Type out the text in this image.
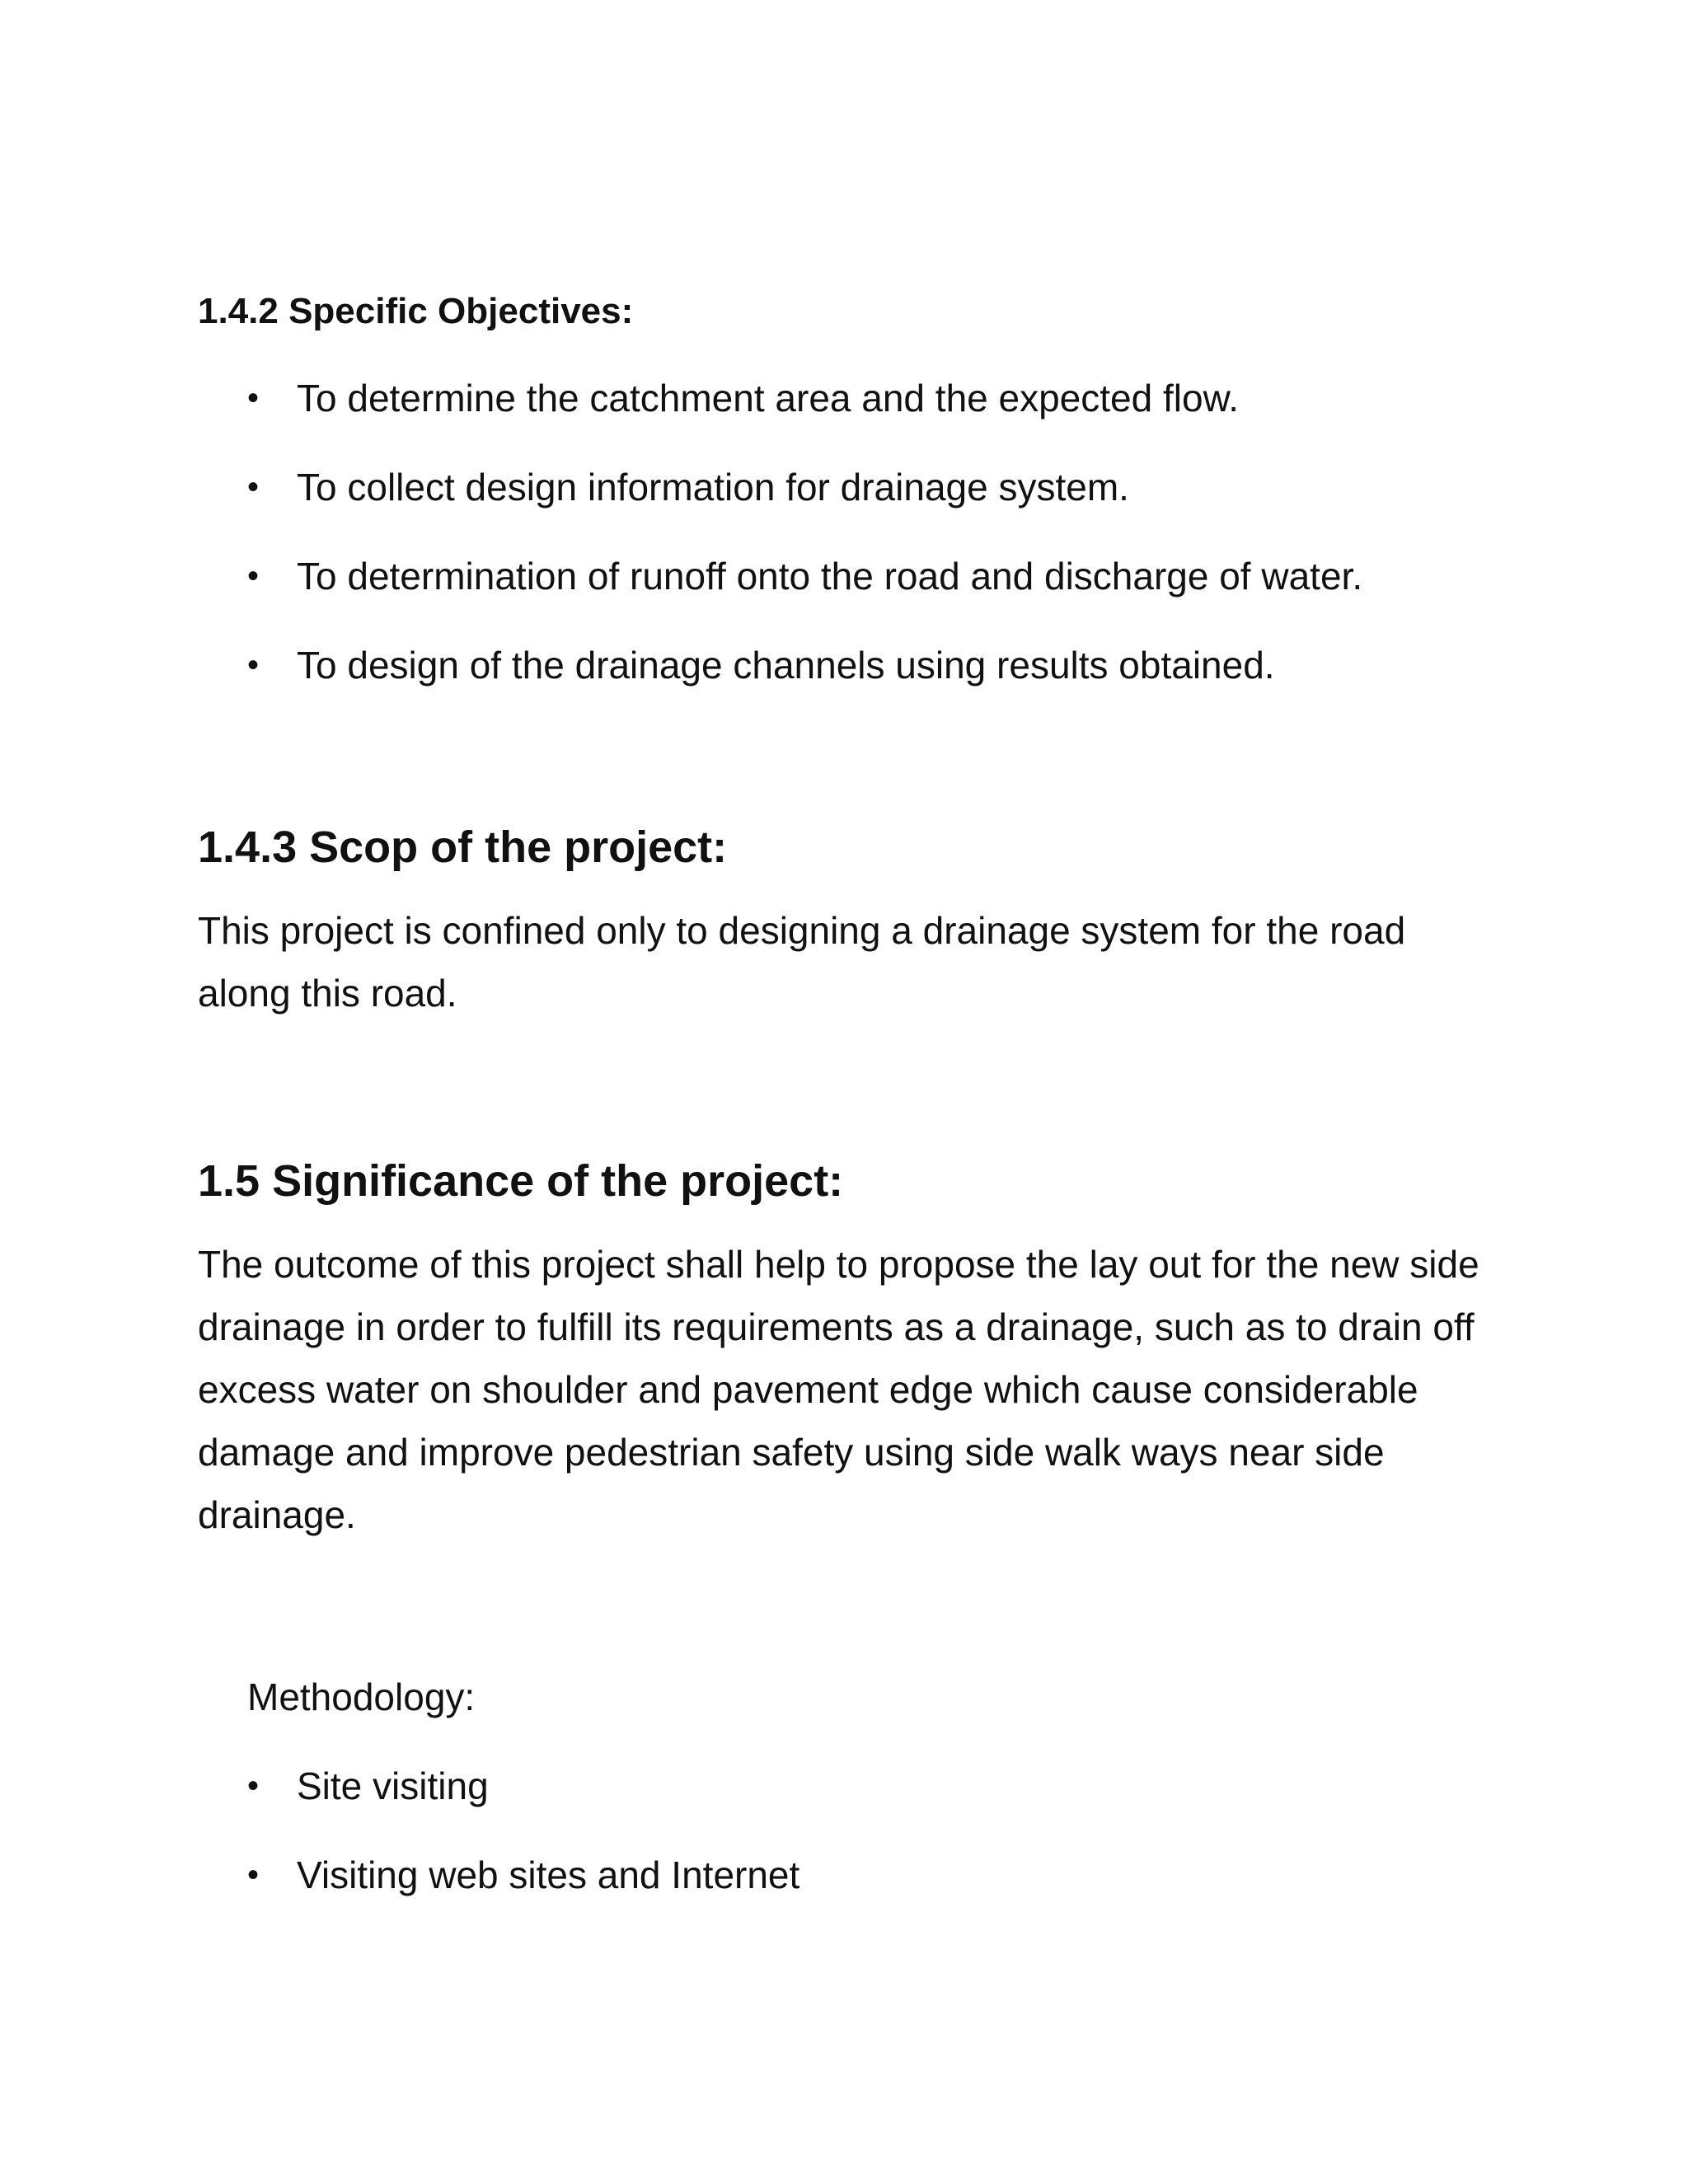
1.4.2 Specific Objectives:
• To determine the catchment area and the expected flow.
• To collect design information for drainage system.
• To determination of runoff onto the road and discharge of water.
• To design of the drainage channels using results obtained.
1.4.3 Scop of the project:

This project is confined only to designing a drainage system for the road along this road.

1.5 Significance of the project:

The outcome of this project shall help to propose the lay out for the new side drainage in order to fulfill its requirements as a drainage, such as to drain off excess water on shoulder and pavement edge which cause considerable damage and improve pedestrian safety using side walk ways near side drainage.

Methodology:

• Site visiting
• Visiting web sites and Internet
